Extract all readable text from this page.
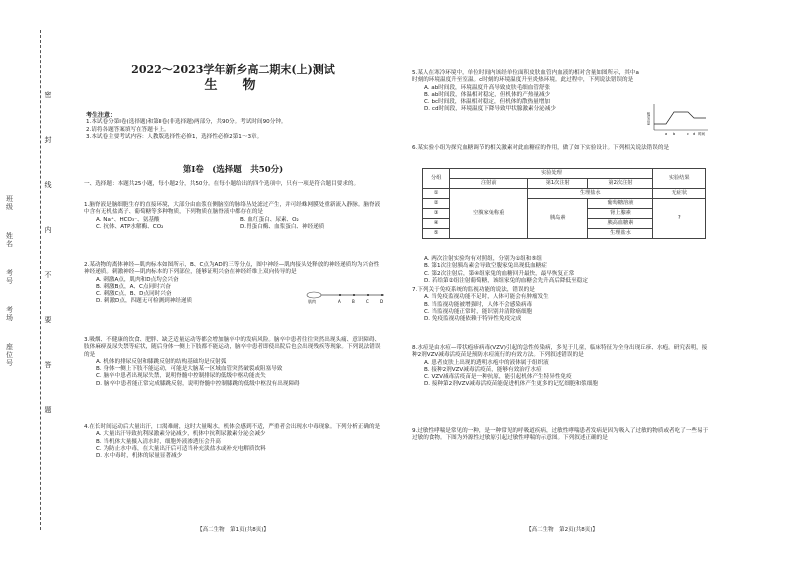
班级
姓名
考号
考场
座位号
密
封
线
内
不
要
答
题
2022～2023学年新乡高二期末(上)测试
生　物
考生注意：
1.本试卷分第Ⅰ卷(选择题)和第Ⅱ卷(非选择题)两部分，共90分。考试时间90分钟。
2.请将各题答案填写在答题卡上。
3.本试卷主要考试内容：人教版选择性必修1，选择性必修2第1～3章。
第Ⅰ卷　(选择题　共50分)

一、选择题：本题共25小题，每小题2分，共50分。在每小题给出的四个选项中，只有一项是符合题目要求的。

1.脑脊液是脑细胞生存的直接环境，大部分由血浆在侧脑室的脉络丛处滤过产生，并可经蛛网膜处重新流入静脉。脑脊液中含有无机盐离子、葡萄糖等多种物质，下列物质在脑脊液中都存在的是

A. Na⁺、HCO₃⁻、氨基酸	B. 血红蛋白、尿素、O₂
C. 抗体、ATP水解酶、CO₂	D.胃蛋白酶、血浆蛋白、神经递质

2.某动物的离体神经—肌肉标本如图所示，B、C点为AD的三等分点，图中神经—肌肉接头处释放的神经递质均为兴奋性神经递质。刺激神经—肌肉标本的下列部位，能够证明兴奋在神经纤维上双向传导的是

A. 刺激A点，肌肉和D点均会兴奋

B. 刺激B点，A、C点同时兴奋

C. 刺激C点，B、D点同时兴奋

D. 刺激D点，四题无可检测到神经递质	肌肉	A	B	C	D

3.吸烟、不健康的饮食、肥胖、缺乏适量运动等都会增加脑卒中的发病风险。脑卒中患者往往突然出现头痛、意识障碍、肢体麻痹及尿失禁等症状，随后身体一侧上下肢都不能运动，脑卒中患者即使出院后也会出现残疾等现象。下列说法错误的是

A. 机体的排尿反射和膝跳反射的结构基础均是反射弧

B. 身体一侧上下肢不能运动，可能是大脑某一区域血管突然破裂或阻塞导致

C. 脑卒中患者出现尿失禁，说明脊髓中控制排尿的低级中枢功能丧失

D. 脑卒中患者能正常完成膝跳反射，说明脊髓中控制膝跳的低级中枢没有出现障碍

4.在长时间运动后大量出汗，口渴难耐，这时大量喝水，机体会感到不适，严重者会出现水中毒现象。下列分析正确的是

A. 大量出汗导致抗利尿激素分泌减少，机体中抗利尿激素分泌会减少

B. 当机体大量摄入清水时，细胞外液渗透压会升高

C. 为防止水中毒，在大量出汗后可适当补充淡盐水或补充电解质饮料

D. 水中毒时，机体的尿量显著减少

【高二生物　第1页(共8页)】

5.某人在寒冷环境中，单位时间内该经单位面积皮肤血管内血液的相对含量如图所示，其中a时刻的环境温度升至室温。c时刻的环境温度升至炎热环境。此过程中，下列说法错误的是

A. ab时间段，环境温度升高导致皮肤毛细血管舒张

B. ab时间段，体温相对稳定，但机体的产热量减少

C. bc时间段，体温相对稳定，但机体的散热量增加

D. cd时间段，环境温度下降导致甲状腺激素分泌减少

相对含量
a b	c d 时间

6.某实验小组为探究血糖调节的相关激素对此血糖症的作用，做了如下实验设计。下列相关说法错误的是

分组	实验处理			实验结果
	注射前	第1次注射	第2次注射	
①	空腹家兔称重	生理盐水		无症状
②		胰岛素	葡萄糖溶液	?
③			肾上腺素	
④			胰高血糖素	
⑤			生理盐水	

A. 两次注射实验均有对照组，分别为①组和⑤组

B. 第1次注射胰岛素会导致空腹家兔出现低血糖症

C. 第2次注射后，第④组家兔的血糖回升最快，最早恢复正常

D. 若给第②组注射葡萄糖，该组家兔的血糖会先升高后降低至稳定

7.下列关于免疫系统的监视功能的说法，错误的是

A. 当免疫监视功能不足时，人体可能会有肿瘤发生

B. 当监视功能被增强时，人体不会感染病毒

C. 当监视功能正常时，能识别并清除癌细胞

D. 免疫监视功能依赖于特异性免疫完成

8.水痘是由水痘—带状疱疹病毒(VZV)引起的急性传染病，多见于儿童，临床特征为全身出现丘疹、水疱。研究表明，接种2剂VZV减毒活疫苗是预防水痘流行的有效方法。下列叙述错误的是

A. 患者皮肤上出现的透明水疱中的液体属于组织液

B. 接种2剂VZV减毒活疫苗，能够有效治疗水痘

C. VZV减毒活疫苗是一种抗原，能引起机体产生特异性免疫

D. 接种第2剂VZV减毒活疫苗能促进机体产生更多的记忆细胞和浆细胞

9.过敏性哮喘是常见的一种，是一种常见的呼吸道疾病，过敏性哮喘患者发病是因为吸入了过敏的物质或者吃了一些易于过敏的食物。下图为外源性过敏原引起过敏性哮喘的示意图。下列叙述正确的是

【高二生物　第2页(共8页)】
